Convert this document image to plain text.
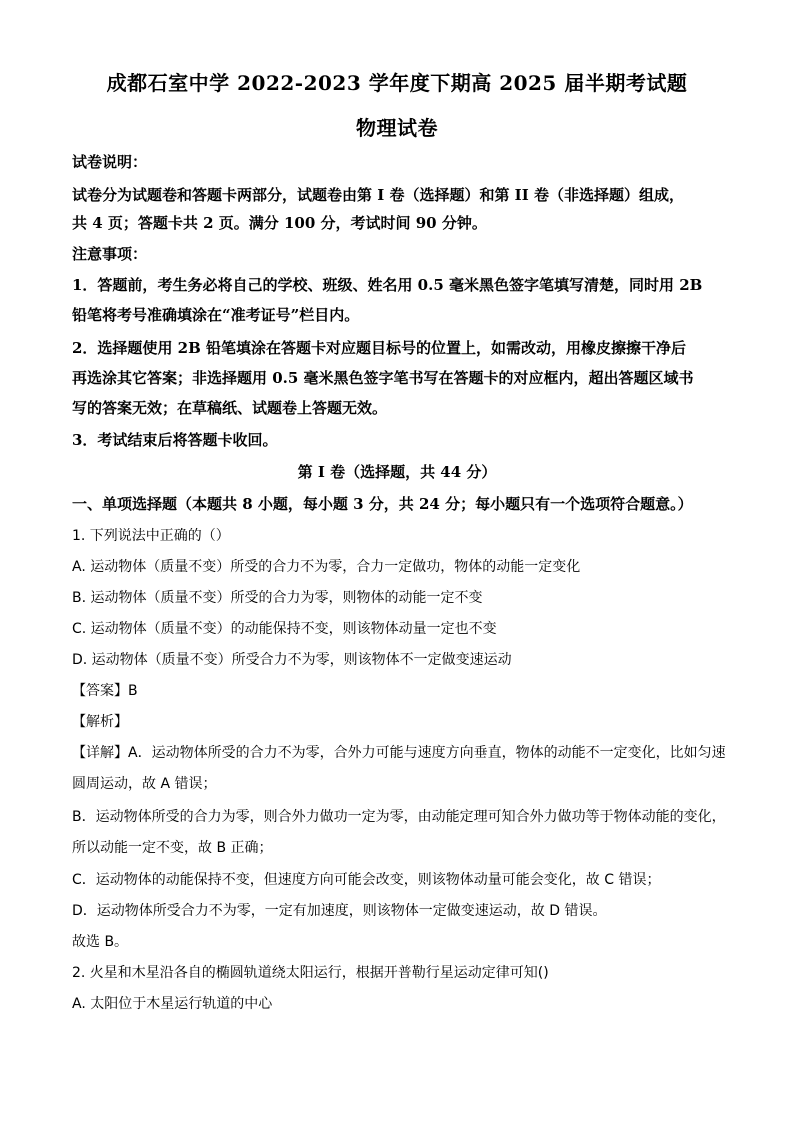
成都石室中学 2022-2023 学年度下期高 2025 届半期考试题
物理试卷
试卷说明：
试卷分为试题卷和答题卡两部分，试题卷由第 I 卷（选择题）和第 II 卷（非选择题）组成，
共 4 页；答题卡共 2 页。满分 100 分，考试时间 90 分钟。
注意事项：
1．答题前，考生务必将自己的学校、班级、姓名用 0.5 毫米黑色签字笔填写清楚，同时用 2B
铅笔将考号准确填涂在“准考证号”栏目内。
2．选择题使用 2B 铅笔填涂在答题卡对应题目标号的位置上，如需改动，用橡皮擦擦干净后
再选涂其它答案；非选择题用 0.5 毫米黑色签字笔书写在答题卡的对应框内，超出答题区域书
写的答案无效；在草稿纸、试题卷上答题无效。
3．考试结束后将答题卡收回。
第 I 卷（选择题，共 44 分）
一、单项选择题（本题共 8 小题，每小题 3 分，共 24 分；每小题只有一个选项符合题意。）
1. 下列说法中正确的（）
A. 运动物体（质量不变）所受的合力不为零，合力一定做功，物体的动能一定变化
B. 运动物体（质量不变）所受的合力为零，则物体的动能一定不变
C. 运动物体（质量不变）的动能保持不变，则该物体动量一定也不变
D. 运动物体（质量不变）所受合力不为零，则该物体不一定做变速运动
【答案】B
【解析】
【详解】A．运动物体所受的合力不为零，合外力可能与速度方向垂直，物体的动能不一定变化，比如匀速
圆周运动，故 A 错误；
B．运动物体所受的合力为零，则合外力做功一定为零，由动能定理可知合外力做功等于物体动能的变化，
所以动能一定不变，故 B 正确；
C．运动物体的动能保持不变，但速度方向可能会改变，则该物体动量可能会变化，故 C 错误；
D．运动物体所受合力不为零，一定有加速度，则该物体一定做变速运动，故 D 错误。
故选 B。
2. 火星和木星沿各自的椭圆轨道绕太阳运行，根据开普勒行星运动定律可知()
A. 太阳位于木星运行轨道的中心
